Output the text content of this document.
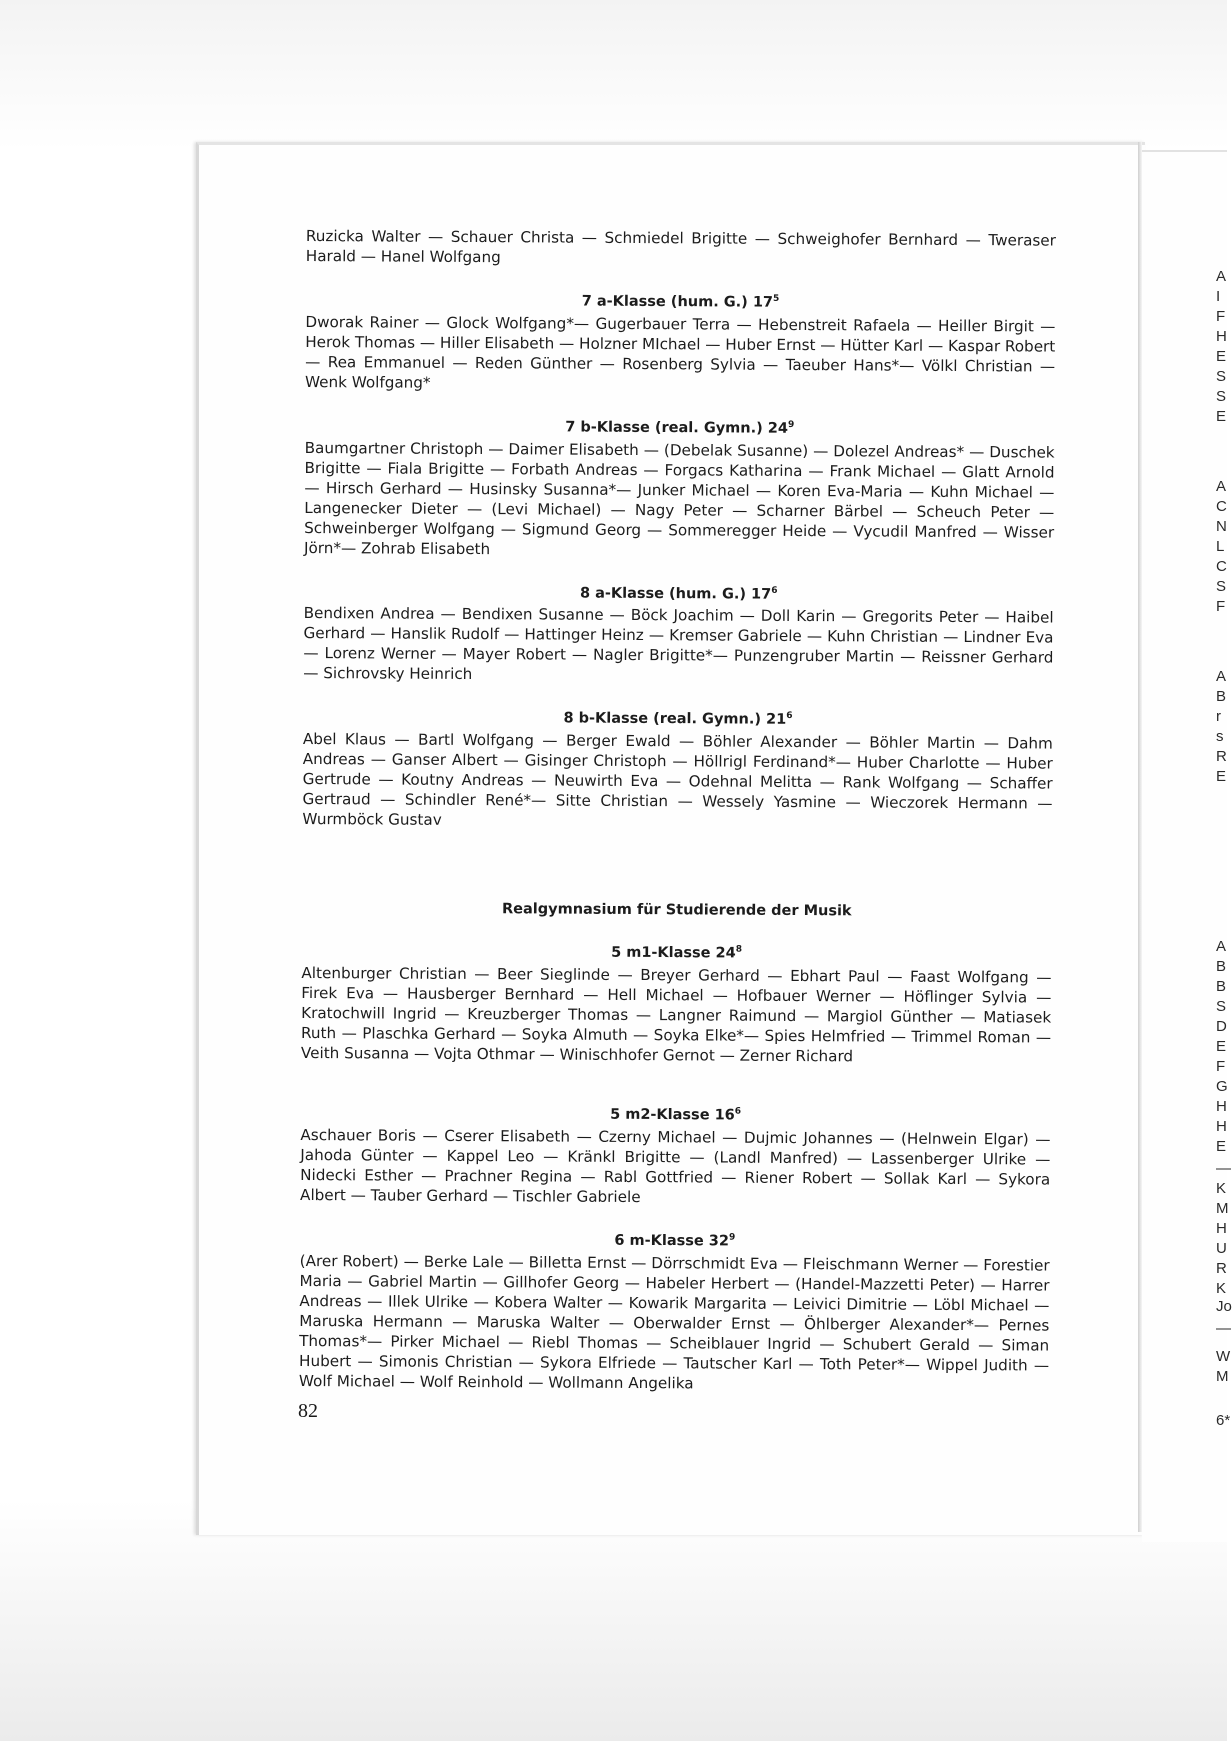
A
I
F
H
E
S
S
E
A
C
N
L
C
S
F
A
B
r
s
R
E
A
B
B
S
D
E
F
G
H
H
E
—
K
M
H
U
R
K
Jo
—
W
M
6*

Ruzicka Walter — Schauer Christa — Schmiedel Brigitte — Schweighofer Bernhard — Tweraser Harald — Hanel Wolfgang

7 a-Klasse (hum. G.) $17^5$

Dworak Rainer — Glock Wolfgang*— Gugerbauer Terra — Hebenstreit Rafaela — Heiller Birgit — Herok Thomas — Hiller Elisabeth — Holzner MIchael — Huber Ernst — Hütter Karl — Kaspar Robert — Rea Emmanuel — Reden Günther — Rosenberg Sylvia — Taeuber Hans*— Völkl Christian — Wenk Wolfgang*

7 b-Klasse (real. Gymn.) $24^9$

Baumgartner Christoph — Daimer Elisabeth — (Debelak Susanne) — Dolezel Andreas* — Duschek Brigitte — Fiala Brigitte — Forbath Andreas — Forgacs Katharina — Frank Michael — Glatt Arnold — Hirsch Gerhard — Husinsky Susanna*— Junker Michael — Koren Eva-Maria — Kuhn Michael — Langenecker Dieter — (Levi Michael) — Nagy Peter — Scharner Bärbel — Scheuch Peter — Schweinberger Wolfgang — Sigmund Georg — Sommeregger Heide — Vycudil Manfred — Wisser Jörn*— Zohrab Elisabeth

8 a-Klasse (hum. G.) $17^6$

Bendixen Andrea — Bendixen Susanne — Böck Joachim — Doll Karin — Gregorits Peter — Haibel Gerhard — Hanslik Rudolf — Hattinger Heinz — Kremser Gabriele — Kuhn Christian — Lindner Eva — Lorenz Werner — Mayer Robert — Nagler Brigitte*— Punzengruber Martin — Reissner Gerhard — Sichrovsky Heinrich

8 b-Klasse (real. Gymn.) $21^6$

Abel Klaus — Bartl Wolfgang — Berger Ewald — Böhler Alexander — Böhler Martin — Dahm Andreas — Ganser Albert — Gisinger Christoph — Höllrigl Ferdinand*— Huber Charlotte — Huber Gertrude — Koutny Andreas — Neuwirth Eva — Odehnal Melitta — Rank Wolfgang — Schaffer Gertraud — Schindler René*— Sitte Christian — Wessely Yasmine — Wieczorek Hermann — Wurmböck Gustav

Realgymnasium für Studierende der Musik

5 m1-Klasse $24^8$

Altenburger Christian — Beer Sieglinde — Breyer Gerhard — Ebhart Paul — Faast Wolfgang — Firek Eva — Hausberger Bernhard — Hell Michael — Hofbauer Werner — Höflinger Sylvia — Kratochwill Ingrid — Kreuzberger Thomas — Langner Raimund — Margiol Günther — Matiasek Ruth — Plaschka Gerhard — Soyka Almuth — Soyka Elke*— Spies Helmfried — Trimmel Roman — Veith Susanna — Vojta Othmar — Winischhofer Gernot — Zerner Richard

5 m2-Klasse $16^6$

Aschauer Boris — Cserer Elisabeth — Czerny Michael — Dujmic Johannes — (Helnwein Elgar) — Jahoda Günter — Kappel Leo — Kränkl Brigitte — (Landl Manfred) — Lassenberger Ulrike — Nidecki Esther — Prachner Regina — Rabl Gottfried — Riener Robert — Sollak Karl — Sykora Albert — Tauber Gerhard — Tischler Gabriele

6 m-Klasse $32^9$

(Arer Robert) — Berke Lale — Billetta Ernst — Dörrschmidt Eva — Fleischmann Werner — Forestier Maria — Gabriel Martin — Gillhofer Georg — Habeler Herbert — (Handel-Mazzetti Peter) — Harrer Andreas — Illek Ulrike — Kobera Walter — Kowarik Margarita — Leivici Dimitrie — Löbl Michael — Maruska Hermann — Maruska Walter — Oberwalder Ernst — Öhlberger Alexander*— Pernes Thomas*— Pirker Michael — Riebl Thomas — Scheiblauer Ingrid — Schubert Gerald — Siman Hubert — Simonis Christian — Sykora Elfriede — Tautscher Karl — Toth Peter*— Wippel Judith — Wolf Michael — Wolf Reinhold — Wollmann Angelika

82
